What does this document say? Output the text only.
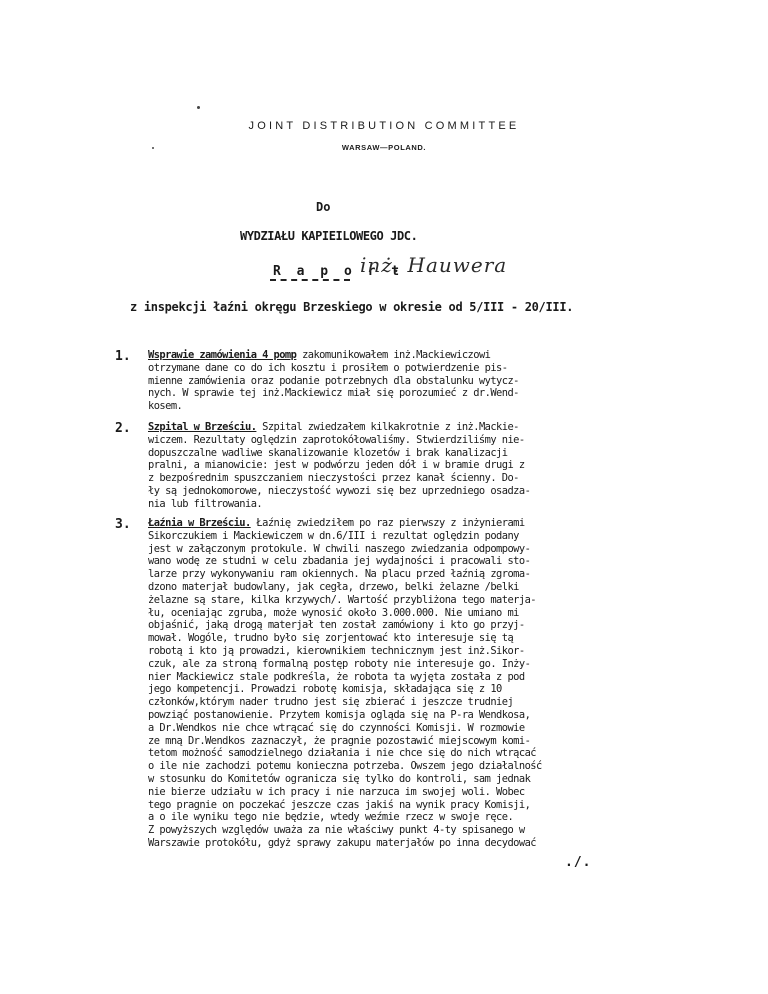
JOINT DISTRIBUTION COMMITTEE
WARSAW—POLAND.
Do
WYDZIAŁU KAPIEILOWEGO JDC.
R a p o r t
inż. Hauwera
z inspekcji łaźni okręgu Brzeskiego w okresie od 5/III - 20/III.
1. Wsprawie zamówienia 4 pomp zakomunikowałem inż.Mackiewiczowi
otrzymane dane co do ich kosztu i prosiłem o potwierdzenie pis-
mienne zamówienia oraz podanie potrzebnych dla obstalunku wytycz-
nych. W sprawie tej inż.Mackiewicz miał się porozumieć z dr.Wend-
kosem.
2. Szpital w Brześciu. Szpital zwiedzałem kilkakrotnie z inż.Mackie-
wiczem. Rezultaty oględzin zaprotokółowaliśmy. Stwierdziliśmy nie-
dopuszczalne wadliwe skanalizowanie klozetów i brak kanalizacji
pralni, a mianowicie: jest w podwórzu jeden dół i w bramie drugi z
z bezpośrednim spuszczaniem nieczystości przez kanał ścienny. Do-
ły są jednokomorowe, nieczystość wywozi się bez uprzedniego osadza-
nia lub filtrowania.
3. Łaźnia w Brześciu. Łaźnię zwiedziłem po raz pierwszy z inżynierami
Sikorczukiem i Mackiewiczem w dn.6/III i rezultat oględzin podany
jest w załączonym protokule. W chwili naszego zwiedzania odpompowy-
wano wodę ze studni w celu zbadania jej wydajności i pracowali sto-
larze przy wykonywaniu ram okiennych. Na placu przed łaźnią zgroma-
dzono materjał budowlany, jak cegła, drzewo, belki żelazne /belki
żelazne są stare, kilka krzywych/. Wartość przybliżona tego materja-
łu, oceniając zgruba, może wynosić około 3.000.000. Nie umiano mi
objaśnić, jaką drogą materjał ten został zamówiony i kto go przyj-
mował. Wogóle, trudno było się zorjentować kto interesuje się tą
robotą i kto ją prowadzi, kierownikiem technicznym jest inż.Sikor-
czuk, ale za stroną formalną postęp roboty nie interesuje go. Inży-
nier Mackiewicz stale podkreśla, że robota ta wyjęta została z pod
jego kompetencji. Prowadzi robotę komisja, składająca się z 10
członków,którym nader trudno jest się zbierać i jeszcze trudniej
powziąć postanowienie. Przytem komisja ogląda się na P-ra Wendkosa,
a Dr.Wendkos nie chce wtrącać się do czynności Komisji. W rozmowie
ze mną Dr.Wendkos zaznaczył, że pragnie pozostawić miejscowym komi-
tetom możność samodzielnego działania i nie chce się do nich wtrącać
o ile nie zachodzi potemu konieczna potrzeba. Owszem jego działalność
w stosunku do Komitetów ogranicza się tylko do kontroli, sam jednak
nie bierze udziału w ich pracy i nie narzuca im swojej woli. Wobec
tego pragnie on poczekać jeszcze czas jakiś na wynik pracy Komisji,
a o ile wyniku tego nie będzie, wtedy weźmie rzecz w swoje ręce.
Z powyższych względów uważa za nie właściwy punkt 4-ty spisanego w
Warszawie protokółu, gdyż sprawy zakupu materjałów po inna decydować
./.
